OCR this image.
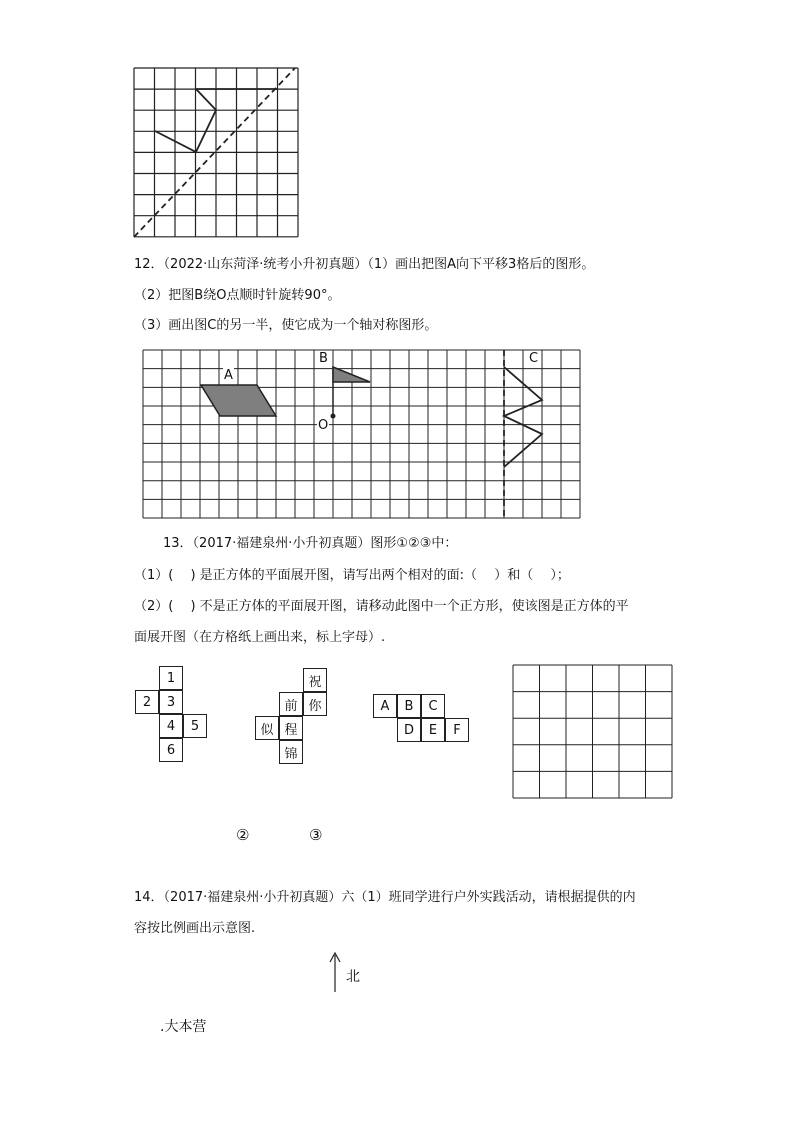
12．（2022·山东菏泽·统考小升初真题）（1）画出把图A向下平移3格后的图形。
（2）把图B绕O点顺时针旋转90°。
（3）画出图C的另一半，使它成为一个轴对称图形。
A
B
O
C
13．（2017·福建泉州·小升初真题）图形①②③中：
（1）(　 ) 是正方体的平面展开图，请写出两个相对的面:（　 ）和（　 ）；
（2）(　 ) 不是正方体的平面展开图，请移动此图中一个正方形，使该图是正方体的平
面展开图（在方格纸上画出来，标上字母）.
1
2	3
4	5
6
祝
前 你
似 程
锦
A	B	C
D	E	F
②	③
14．（2017·福建泉州·小升初真题）六（1）班同学进行户外实践活动，请根据提供的内
容按比例画出示意图.
北
.大本营
